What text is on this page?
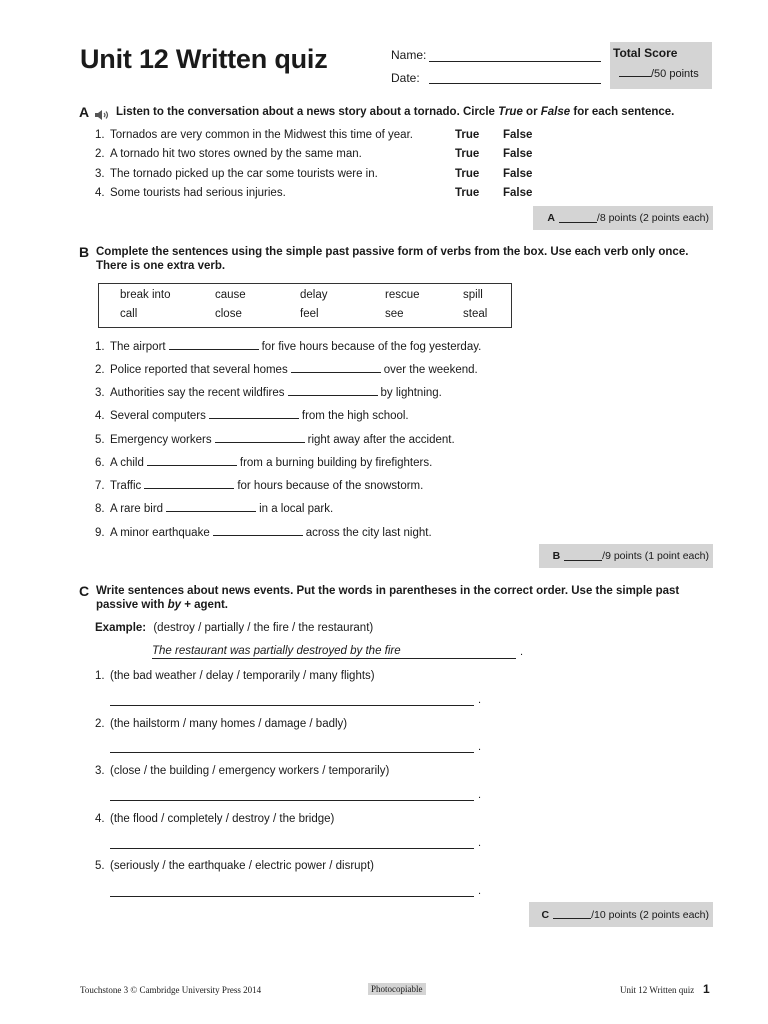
Unit 12 Written quiz	Name:
Date:
Total Score
/50 points
A Listen to the conversation about a news story about a tornado. Circle True or False for each sentence.
1. Tornados are very common in the Midwest this time of year.	True False
2. A tornado hit two stores owned by the same man.	True False
3. The tornado picked up the car some tourists were in.	True False
4. Some tourists had serious injuries.	True False
A	/8 points (2 points each)
B Complete the sentences using the simple past passive form of verbs from the box. Use each verb only once.
There is one extra verb.
break into	cause	delay	rescue	spill
call	close	feel	see	steal
1. The airport	for five hours because of the fog yesterday.
2. Police reported that several homes	over the weekend.
3. Authorities say the recent wildfires	by lightning.
4. Several computers	from the high school.
5. Emergency workers	right away after the accident.
6. A child	from a burning building by firefighters.
7. Traffic	for hours because of the snowstorm.
8. A rare bird	in a local park.
9. A minor earthquake	across the city last night.
B	/9 points (1 point each)
C Write sentences about news events. Put the words in parentheses in the correct order. Use the simple past
passive with by + agent.
Example: (destroy / partially / the fire / the restaurant)
The restaurant was partially destroyed by the fire	.
1. (the bad weather / delay / temporarily / many flights)
.
2. (the hailstorm / many homes / damage / badly)
.
3. (close / the building / emergency workers / temporarily)
.
4. (the flood / completely / destroy / the bridge)
.
5. (seriously / the earthquake / electric power / disrupt)
.
C	/10 points (2 points each)
Touchstone 3 © Cambridge University Press 2014	Photocopiable	Unit 12 Written quiz 1
